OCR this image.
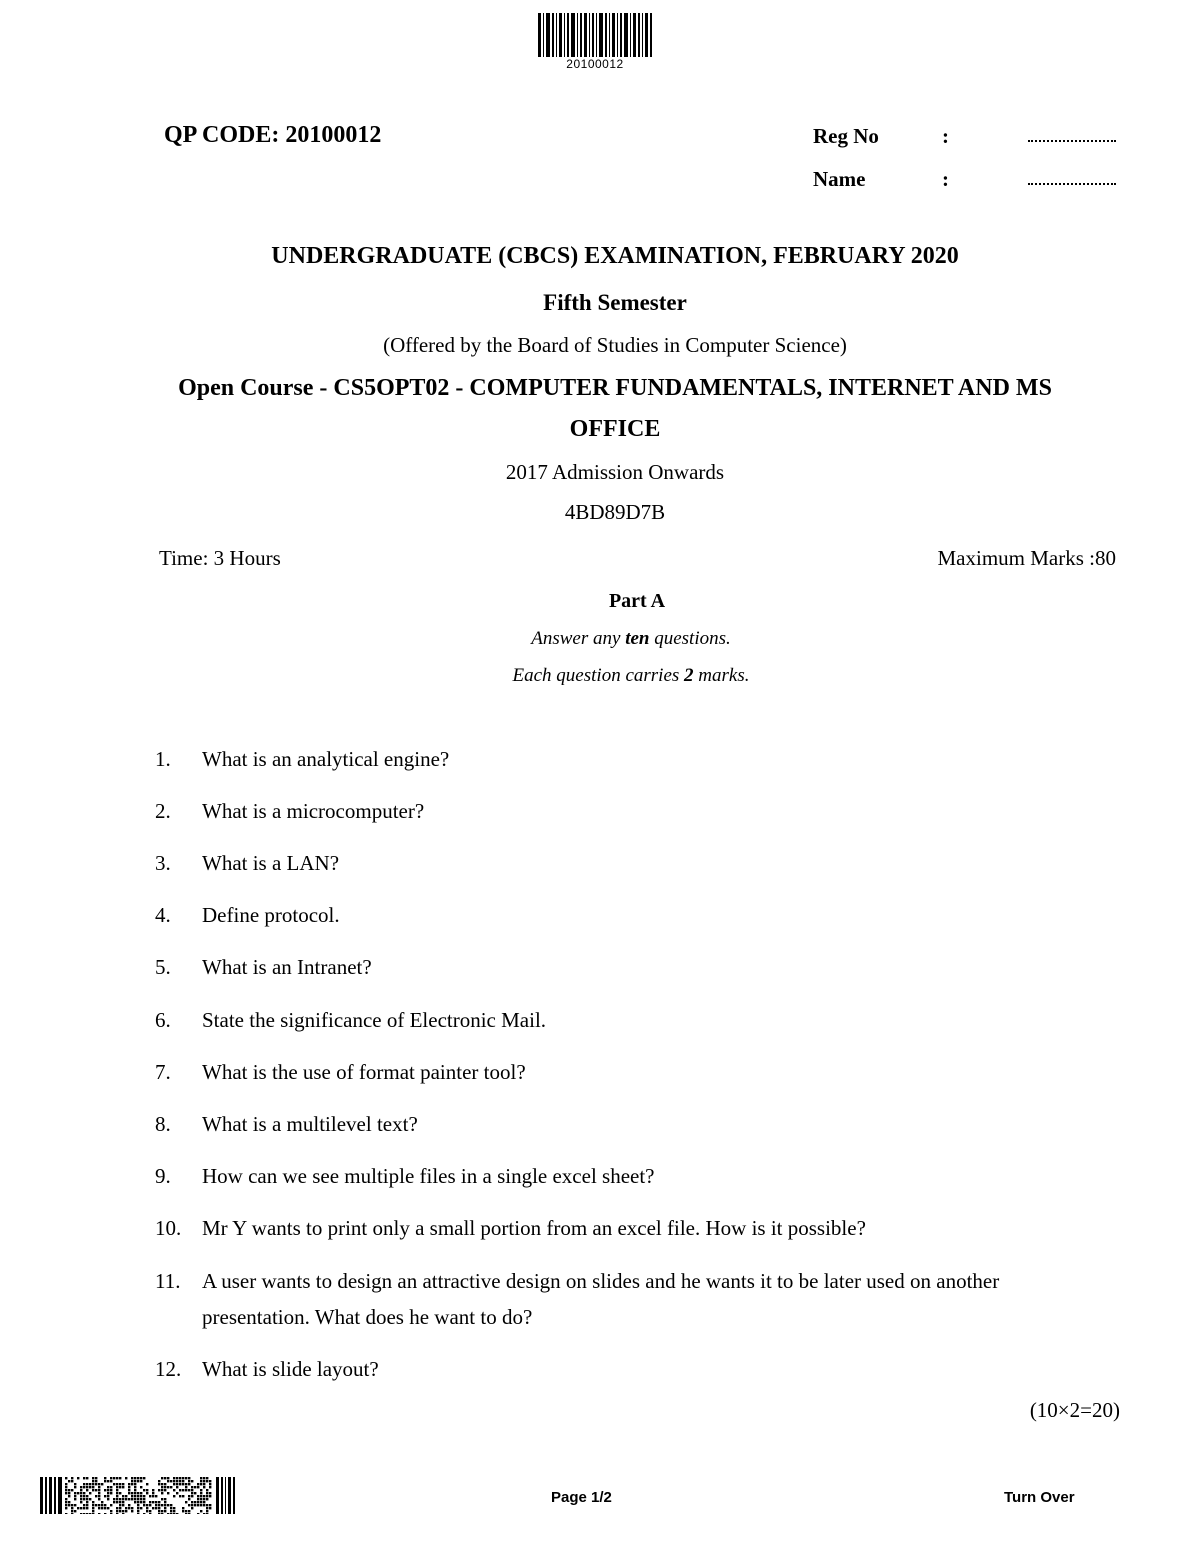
20100012
QP CODE: 20100012	Reg No	:
Name	:
UNDERGRADUATE (CBCS) EXAMINATION, FEBRUARY 2020
Fifth Semester
(Offered by the Board of Studies in Computer Science)
Open Course - CS5OPT02 - COMPUTER FUNDAMENTALS, INTERNET AND MS
OFFICE
2017 Admission Onwards
4BD89D7B
Time: 3 Hours	Maximum Marks :80
Part A
Answer any ten questions.
Each question carries 2 marks.
1. What is an analytical engine?
2. What is a microcomputer?
3. What is a LAN?
4. Define protocol.
5. What is an Intranet?
6. State the significance of Electronic Mail.
7. What is the use of format painter tool?
8. What is a multilevel text?
9. How can we see multiple files in a single excel sheet?
10. Mr Y wants to print only a small portion from an excel file. How is it possible?
11. A user wants to design an attractive design on slides and he wants it to be later used on another presentation. What does he want to do?
12. What is slide layout?
(10×2=20)
Page 1/2	Turn Over
